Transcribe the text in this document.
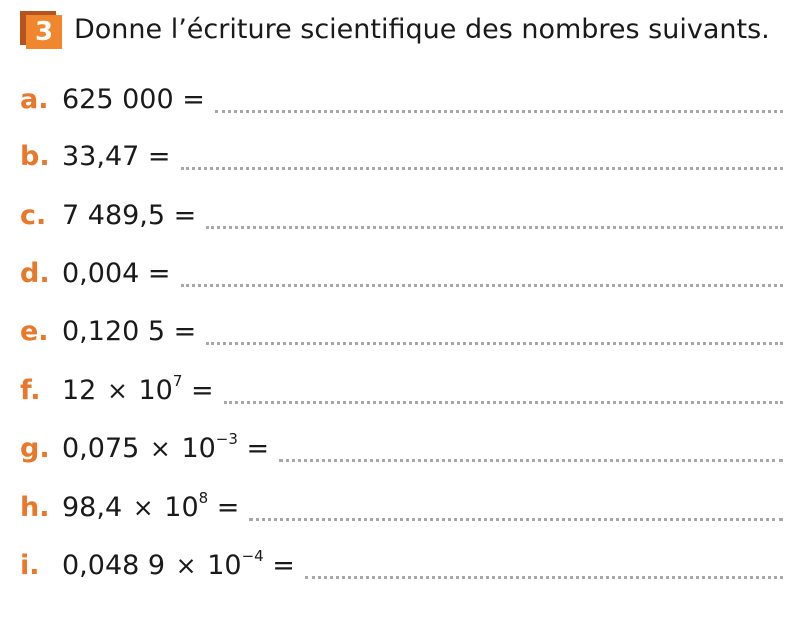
3 Donne l’écriture scientifique des nombres suivants.
a. 625 000 =
b. 33,47 =
c. 7 489,5 =
d. 0,004 =
e. 0,120 5 =
f. $12 \times 10^7$ =
g. $0,075 \times 10^{-3}$ =
h. $98,4 \times 10^8$ =
i. 0,048 $9 \times 10^{-4}$ =
